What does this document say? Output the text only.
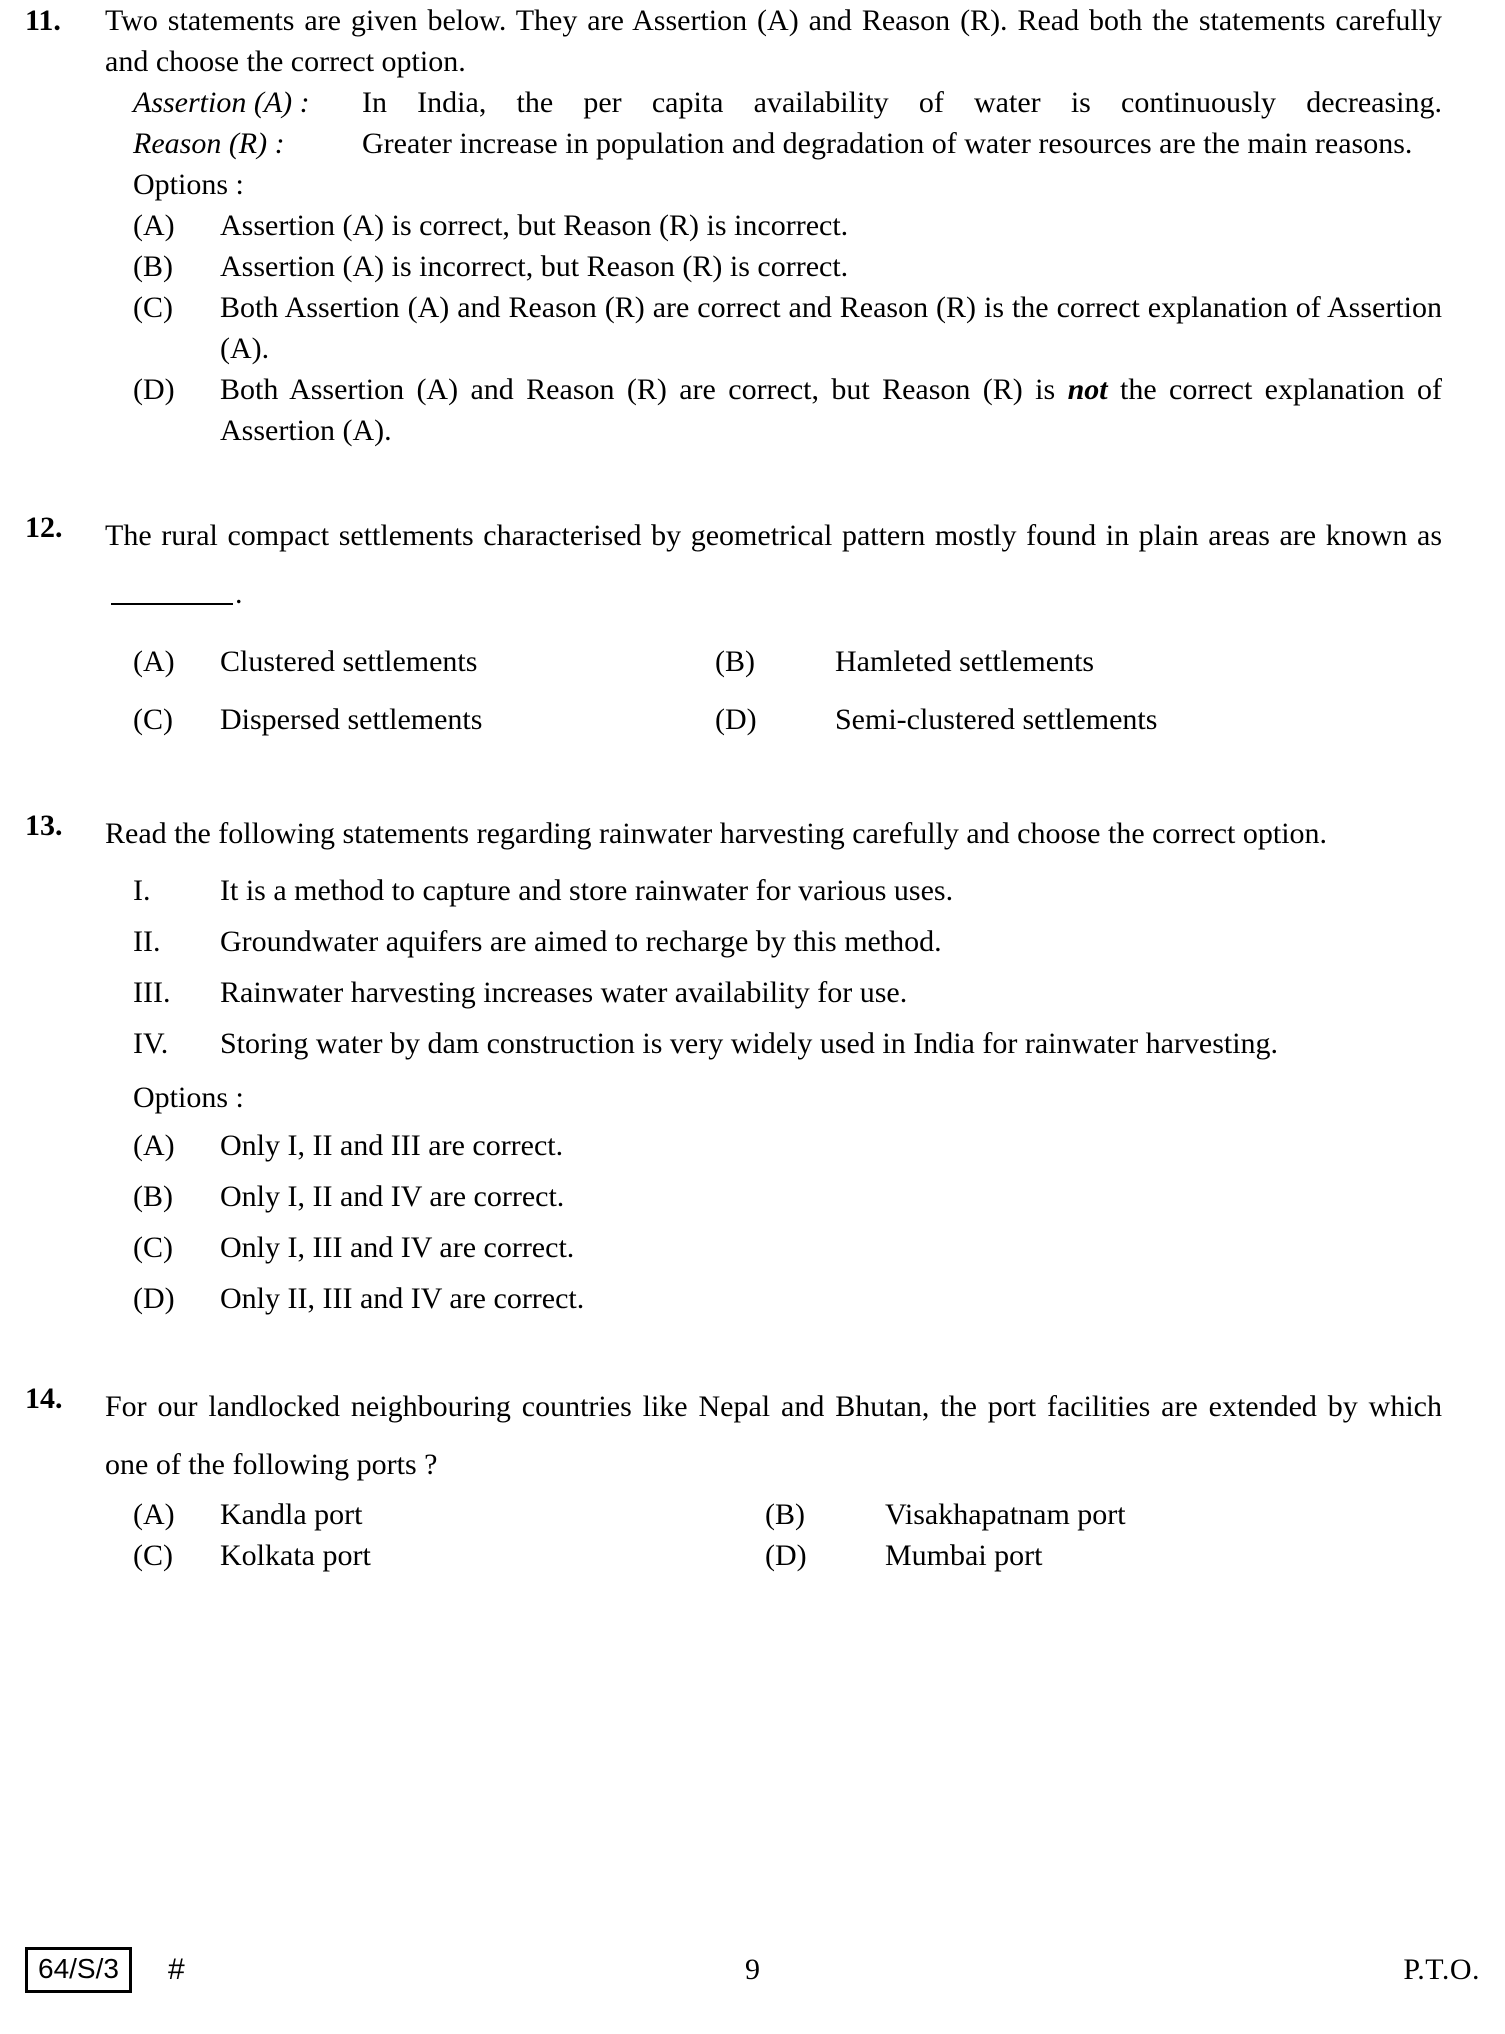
11.	Two statements are given below. They are Assertion (A) and Reason (R). Read both the statements carefully and choose the correct option.
Assertion (A) :	In India, the per capita availability of water is continuously decreasing.
Reason (R) :	Greater increase in population and degradation of water resources are the main reasons.
Options :
(A)	Assertion (A) is correct, but Reason (R) is incorrect.
(B)	Assertion (A) is incorrect, but Reason (R) is correct.
(C)	Both Assertion (A) and Reason (R) are correct and Reason (R) is the correct explanation of Assertion (A).
(D)	Both Assertion (A) and Reason (R) are correct, but Reason (R) is not the correct explanation of Assertion (A).
12.	The rural compact settlements characterised by geometrical pattern mostly found in plain areas are known as.
(A)	Clustered settlements	(B)	Hamleted settlements
(C)	Dispersed settlements	(D)	Semi-clustered settlements
13.	Read the following statements regarding rainwater harvesting carefully and choose the correct option.
I.	It is a method to capture and store rainwater for various uses.
II.	Groundwater aquifers are aimed to recharge by this method.
III.	Rainwater harvesting increases water availability for use.
IV.	Storing water by dam construction is very widely used in India for rainwater harvesting.
Options :
(A)	Only I, II and III are correct.
(B)	Only I, II and IV are correct.
(C)	Only I, III and IV are correct.
(D)	Only II, III and IV are correct.
14.	For our landlocked neighbouring countries like Nepal and Bhutan, the port facilities are extended by which one of the following ports ?
(A)	Kandla port	(B)	Visakhapatnam port
(C)	Kolkata port	(D)	Mumbai port
64/S/3	#	9	P.T.O.
